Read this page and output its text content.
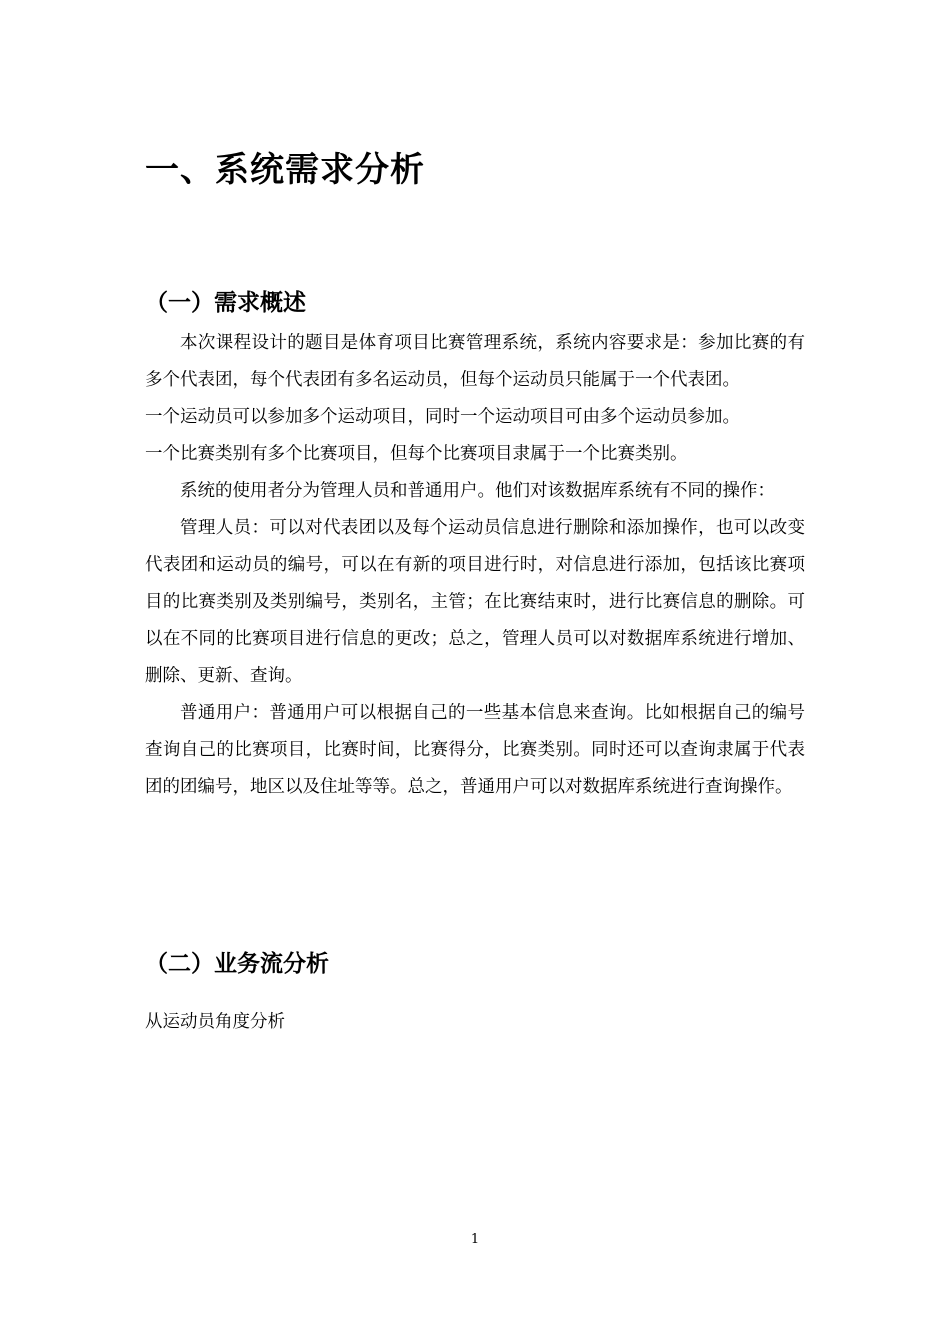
一、系统需求分析
（一）需求概述

本次课程设计的题目是体育项目比赛管理系统，系统内容要求是：参加比赛的有多个代表团，每个代表团有多名运动员，但每个运动员只能属于一个代表团。

一个运动员可以参加多个运动项目，同时一个运动项目可由多个运动员参加。

一个比赛类别有多个比赛项目，但每个比赛项目隶属于一个比赛类别。

系统的使用者分为管理人员和普通用户。他们对该数据库系统有不同的操作：

管理人员：可以对代表团以及每个运动员信息进行删除和添加操作，也可以改变代表团和运动员的编号，可以在有新的项目进行时，对信息进行添加，包括该比赛项目的比赛类别及类别编号，类别名，主管；在比赛结束时，进行比赛信息的删除。可以在不同的比赛项目进行信息的更改；总之，管理人员可以对数据库系统进行增加、删除、更新、查询。

普通用户：普通用户可以根据自己的一些基本信息来查询。比如根据自己的编号查询自己的比赛项目，比赛时间，比赛得分，比赛类别。同时还可以查询隶属于代表团的团编号，地区以及住址等等。总之，普通用户可以对数据库系统进行查询操作。

（二）业务流分析
从运动员角度分析
1
